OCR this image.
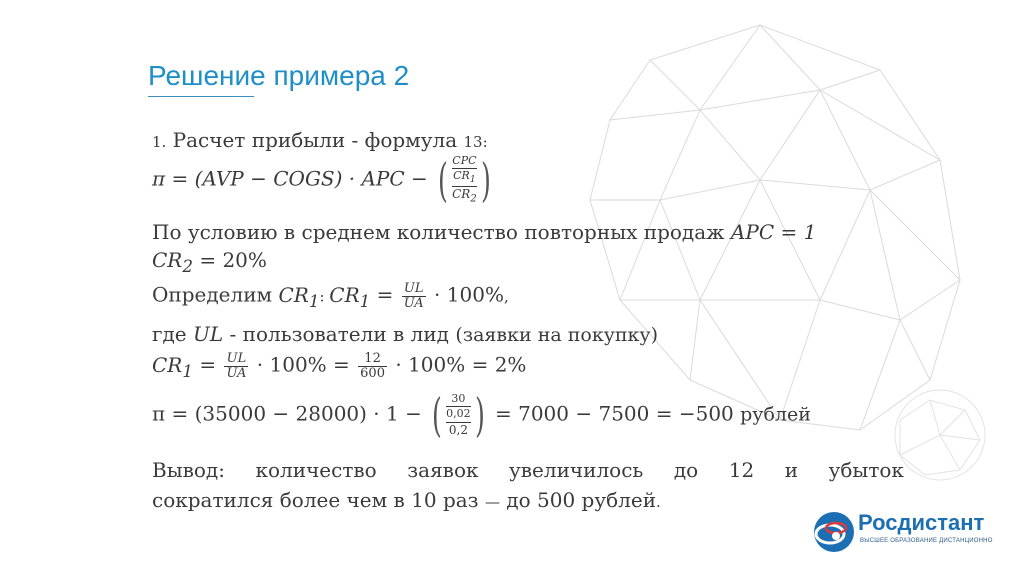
Решение примера 2
1. Расчет прибыли - формула 13:
π = (AVP − COGS) · APC − ( CPC
$CR_1$
$CR_2$ )
По условию в среднем количество повторных продаж APC = 1
$CR_2 = 20\%$
Определим $CR_1$: $CR_1 = \frac{UL}{UA} \cdot 100\%$,
где UL - пользователи в лид (заявки на покупку)
$CR_1 = \frac{UL}{UA} \cdot 100\% = \frac{12}{600} \cdot 100\% = 2\%$
π = (35000 − 28000) · 1 − ( 30
0,02
0,2 ) = 7000 − 7500 = −500 рублей
Вывод: количество заявок увеличилось до 12 и убыток
сократился более чем в 10 раз — до 500 рублей.
Росдистант
ВЫСШЕЕ ОБРАЗОВАНИЕ ДИСТАНЦИОННО
